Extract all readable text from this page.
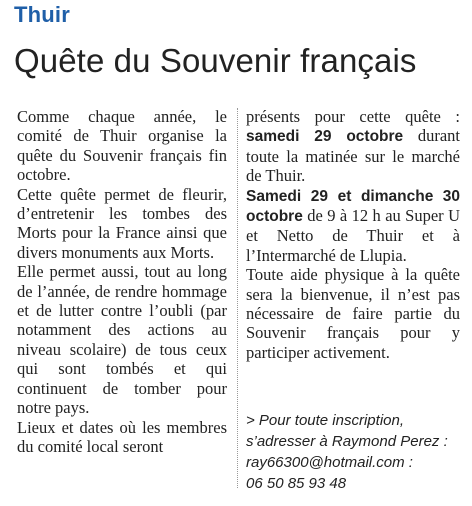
Thuir
Quête du Souvenir français

Comme chaque année, le comité de Thuir organise la quête du Souvenir français fin octobre.

Cette quête permet de fleurir, d’entretenir les tombes des Morts pour la France ainsi que divers monuments aux Morts.

Elle permet aussi, tout au long de l’année, de rendre hommage et de lutter contre l’oubli (par notamment des actions au niveau scolaire) de tous ceux qui sont tombés et qui continuent de tomber pour notre pays.

Lieux et dates où les membres du comité local seront

présents pour cette quête : samedi 29 octobre durant toute la matinée sur le marché de Thuir.

Samedi 29 et dimanche 30 octobre de 9 à 12 h au Super U et Netto de Thuir et à l’Intermarché de Llupia.

Toute aide physique à la quête sera la bienvenue, il n’est pas nécessaire de faire partie du Souvenir français pour y participer activement.

> Pour toute inscription,
s’adresser à Raymond Perez :
ray66300@hotmail.com :
06 50 85 93 48
